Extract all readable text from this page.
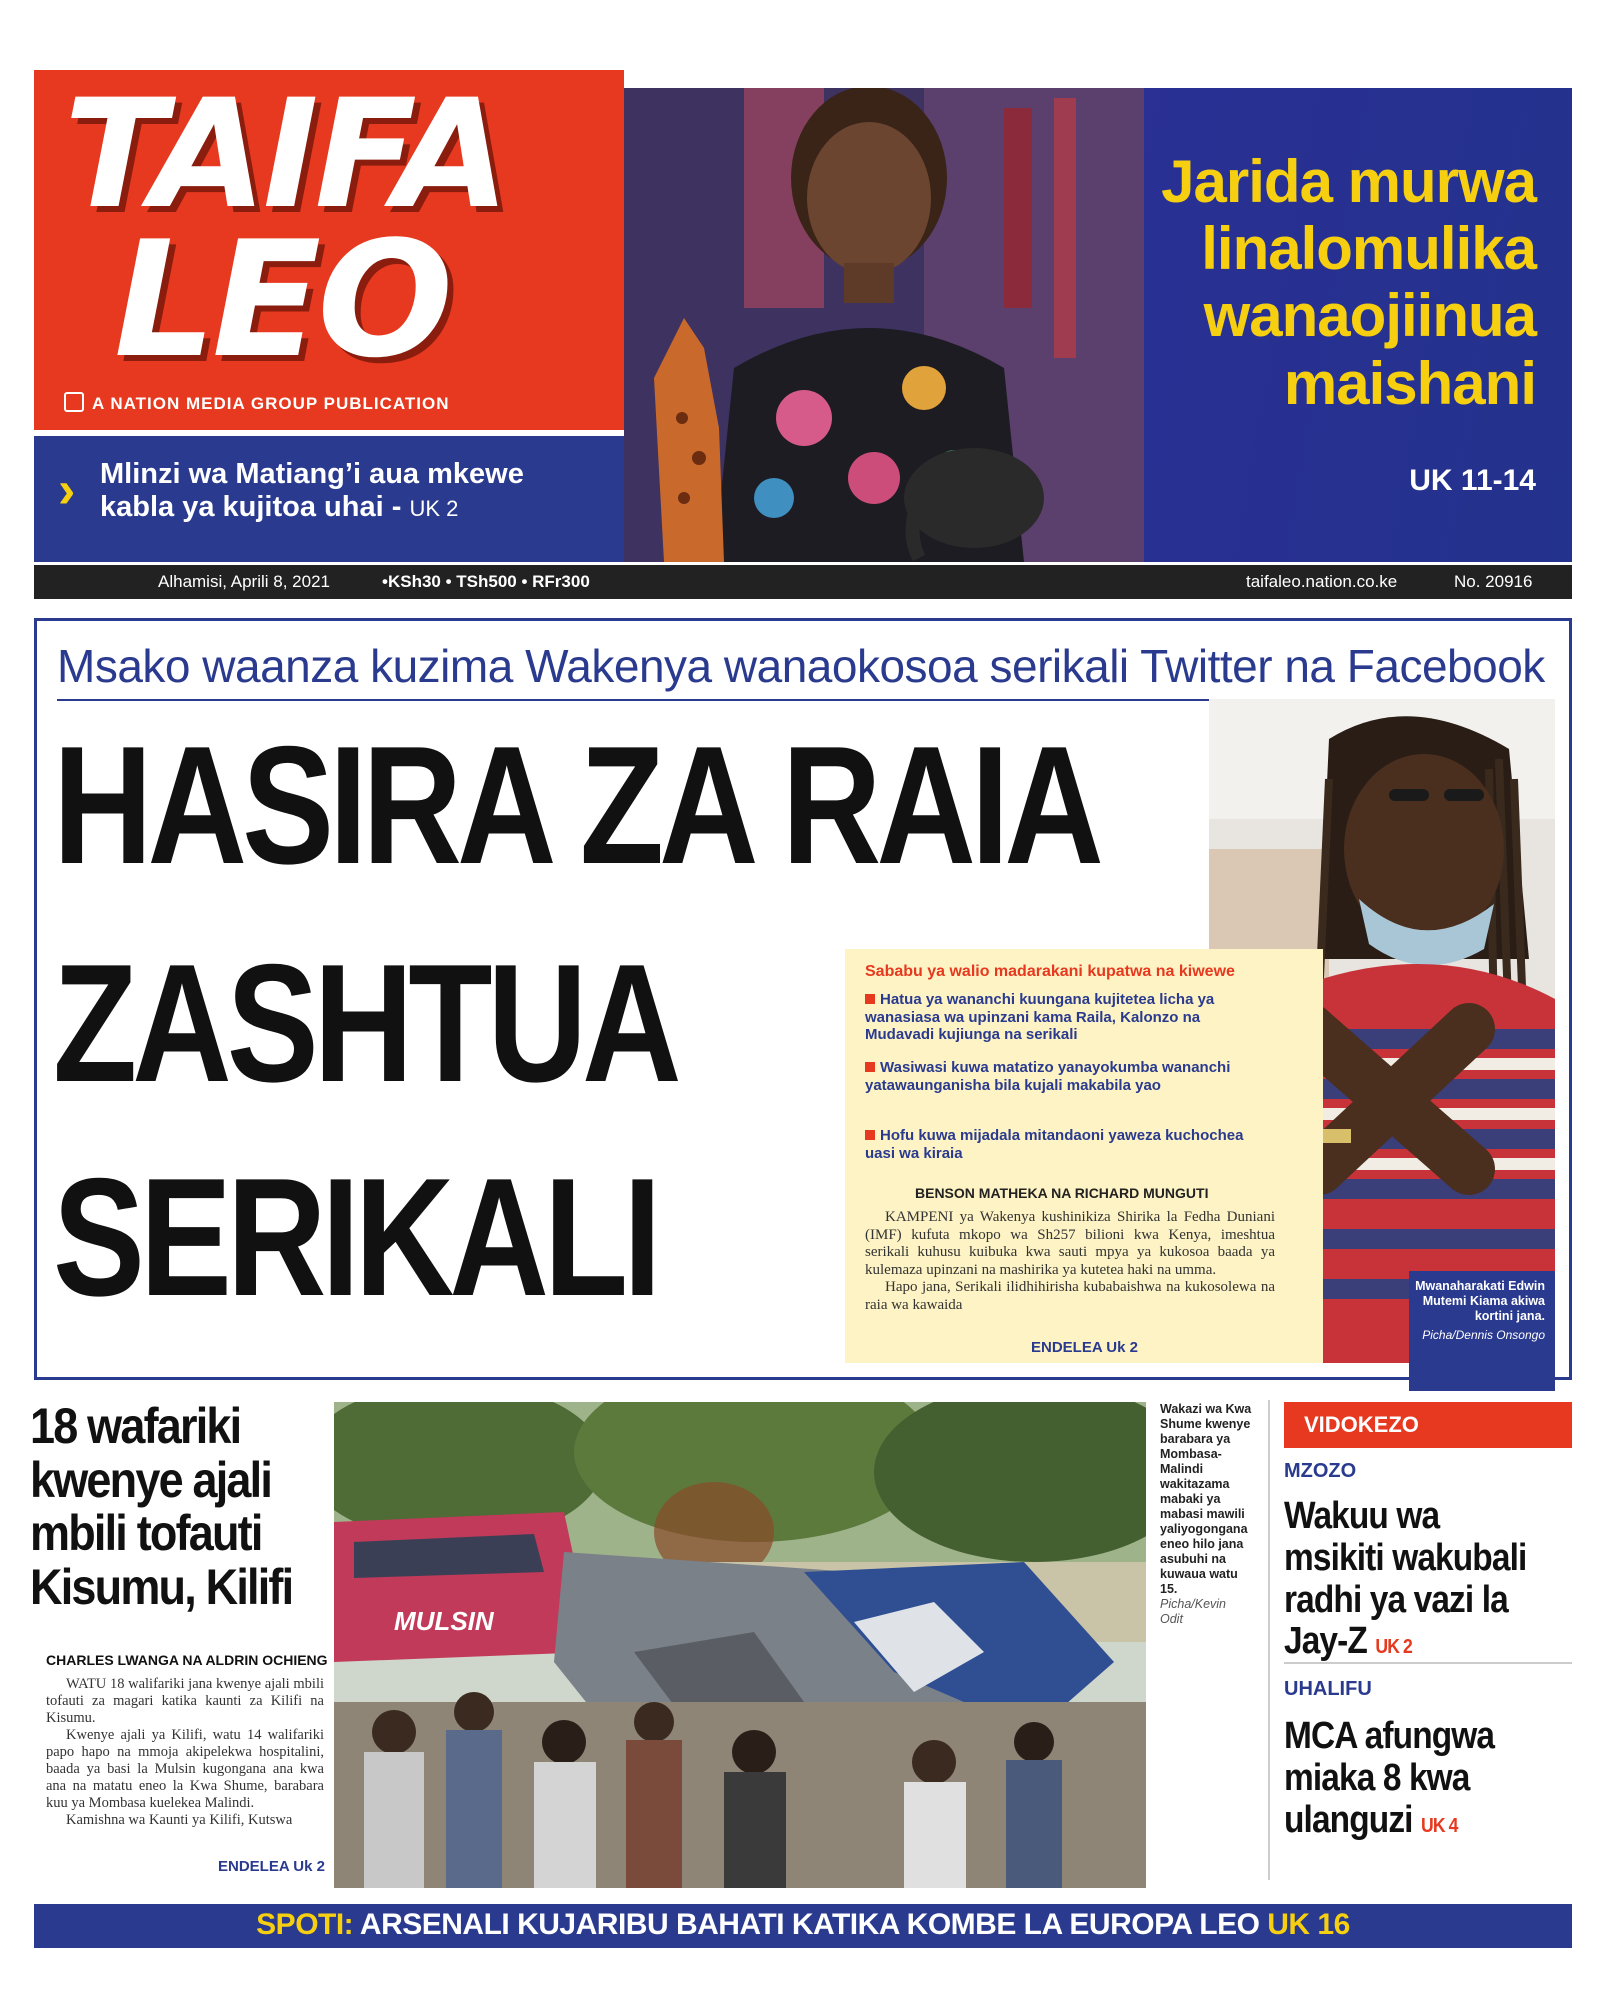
TAIFA
LEO
A NATION MEDIA GROUP PUBLICATION
› Mlinzi wa Matiang’i aua mkewe kabla ya kujitoa uhai - UK 2
Jarida murwa linalomulika wanaojiinua maishani
UK 11-14
Alhamisi, Aprili 8, 2021	•KSh30 • TSh500 • RFr300	taifaleo.nation.co.ke	No. 20916
Msako waanza kuzima Wakenya wanaokosoa serikali Twitter na Facebook
HASIRA ZA RAIA
ZASHTUA
SERIKALI
Sababu ya walio madarakani kupatwa na kiwewe
Hatua ya wananchi kuungana kujitetea licha ya wanasiasa wa upinzani kama Raila, Kalonzo na Mudavadi kujiunga na serikali
Wasiwasi kuwa matatizo yanayokumba wananchi yatawaunganisha bila kujali makabila yao
Hofu kuwa mijadala mitandaoni yaweza kuchochea uasi wa kiraia
BENSON MATHEKA NA RICHARD MUNGUTI

KAMPENI ya Wakenya kushinikiza Shirika la Fedha Duniani (IMF) kufuta mkopo wa Sh257 bilioni kwa Kenya, imeshtua serikali kuhusu kuibuka kwa sauti mpya ya kukosoa baada ya kulemaza upinzani na mashirika ya kutetea haki na umma.

Hapo jana, Serikali ilidhihirisha kubabaishwa na kukosolewa na raia wa kawaida

ENDELEA Uk 2
Mwanaharakati Edwin Mutemi Kiama akiwa kortini jana.
Picha/Dennis Onsongo
18 wafariki kwenye ajali mbili tofauti Kisumu, Kilifi
CHARLES LWANGA NA ALDRIN OCHIENG

WATU 18 walifariki jana kwenye ajali mbili tofauti za magari katika kaunti za Kilifi na Kisumu.

Kwenye ajali ya Kilifi, watu 14 walifariki papo hapo na mmoja akipelekwa hospitalini, baada ya basi la Mulsin kugongana ana kwa ana na matatu eneo la Kwa Shume, barabara kuu ya Mombasa kuelekea Malindi.

Kamishna wa Kaunti ya Kilifi, Kutswa

ENDELEA Uk 2
MULSIN
Wakazi wa Kwa Shume kwenye barabara ya Mombasa-Malindi wakitazama mabaki ya mabasi mawili yaliyogongana eneo hilo jana asubuhi na kuwaua watu 15.
Picha/Kevin Odit
VIDOKEZO
MZOZO
Wakuu wa msikiti wakubali radhi ya vazi la Jay-Z UK 2
UHALIFU
MCA afungwa miaka 8 kwa ulanguzi UK 4
SPOTI: ARSENALI KUJARIBU BAHATI KATIKA KOMBE LA EUROPA LEO UK 16
